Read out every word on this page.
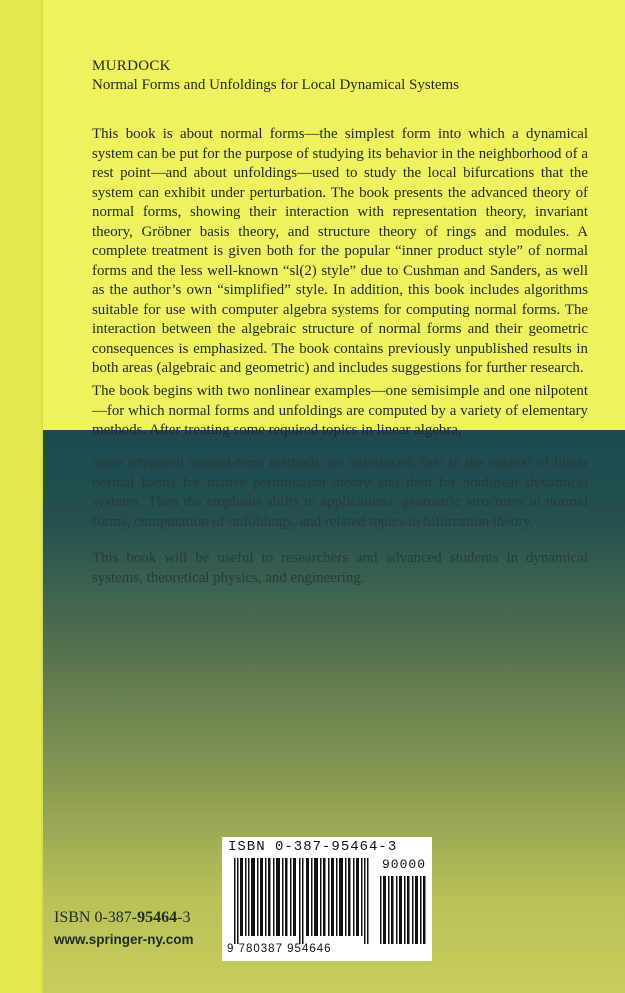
MURDOCK
Normal Forms and Unfoldings for Local Dynamical Systems

This book is about normal forms—the simplest form into which a dynamical system can be put for the purpose of studying its behavior in the neighborhood of a rest point—and about unfoldings—used to study the local bifurcations that the system can exhibit under perturbation. The book presents the advanced theory of normal forms, showing their interaction with representation theory, invariant theory, Gröbner basis theory, and structure theory of rings and modules. A complete treatment is given both for the popular “inner product style” of normal forms and the less well-known “sl(2) style” due to Cushman and Sanders, as well as the author’s own “simplified” style. In addition, this book includes algorithms suitable for use with computer algebra systems for computing normal forms. The interaction between the algebraic structure of normal forms and their geometric consequences is emphasized. The book contains previously unpublished results in both areas (algebraic and geometric) and includes suggestions for further research.

The book begins with two nonlinear examples—one semisimple and one nilpotent—for which normal forms and unfoldings are computed by a variety of elementary methods. After treating some required topics in linear algebra,

more advanced normal-form methods are introduced, first in the context of linear normal forms for matrix perturbation theory and then for nonlinear dynamical systems. Then the emphasis shifts to applications: geometric structures in normal forms, computation of unfoldings, and related topics in bifurcation theory.

This book will be useful to researchers and advanced students in dynamical systems, theoretical physics, and engineering.

ISBN 0-387-95464-3
www.springer-ny.com
ISBN 0-387-95464-3
90000
9 780387 954646
